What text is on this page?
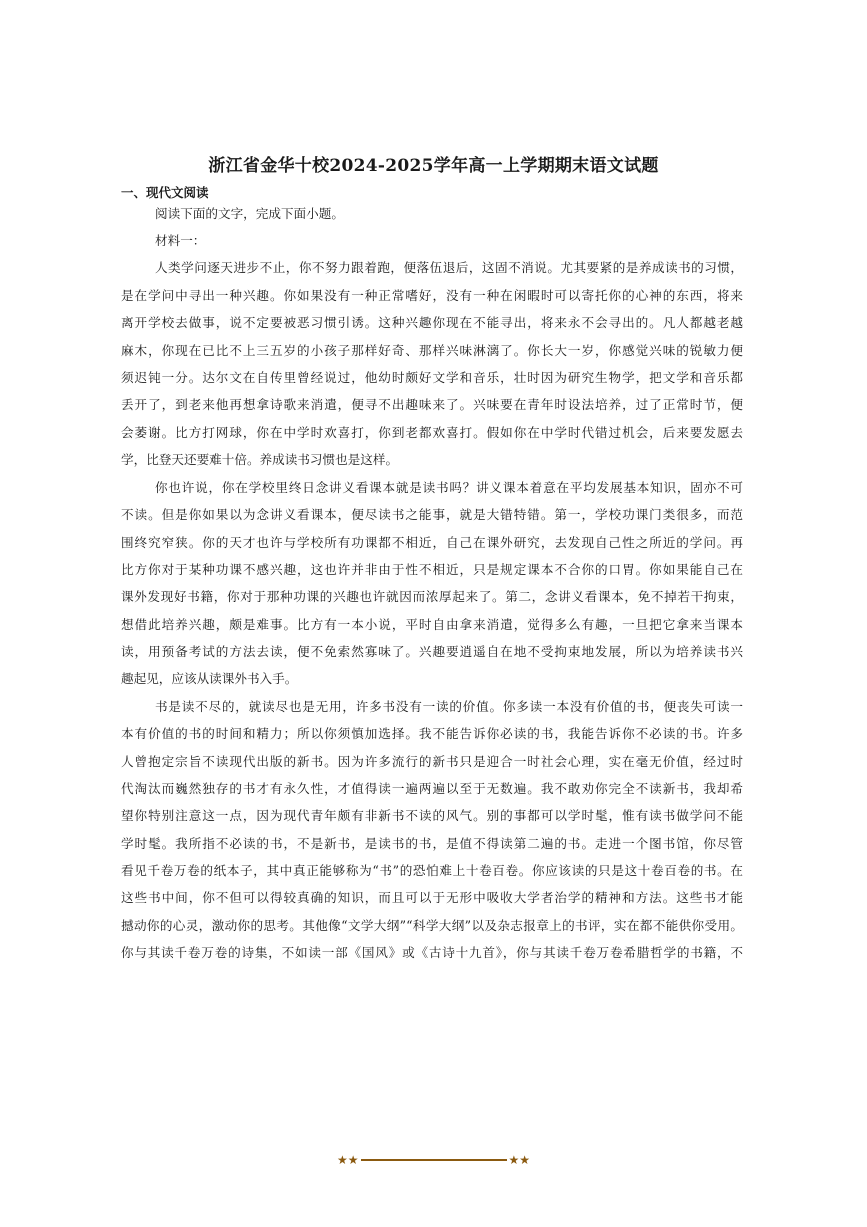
浙江省金华十校2024-2025学年高一上学期期末语文试题
一、现代文阅读
阅读下面的文字，完成下面小题。
材料一：
人类学问逐天进步不止，你不努力跟着跑，便落伍退后，这固不消说。尤其要紧的是养成读书的习惯，
是在学问中寻出一种兴趣。你如果没有一种正常嗜好，没有一种在闲暇时可以寄托你的心神的东西，将来
离开学校去做事，说不定要被恶习惯引诱。这种兴趣你现在不能寻出，将来永不会寻出的。凡人都越老越
麻木，你现在已比不上三五岁的小孩子那样好奇、那样兴味淋漓了。你长大一岁，你感觉兴味的锐敏力便
须迟钝一分。达尔文在自传里曾经说过，他幼时颇好文学和音乐，壮时因为研究生物学，把文学和音乐都
丢开了，到老来他再想拿诗歌来消遣，便寻不出趣味来了。兴味要在青年时设法培养，过了正常时节，便
会萎谢。比方打网球，你在中学时欢喜打，你到老都欢喜打。假如你在中学时代错过机会，后来要发愿去
学，比登天还要难十倍。养成读书习惯也是这样。
你也许说，你在学校里终日念讲义看课本就是读书吗？讲义课本着意在平均发展基本知识，固亦不可
不读。但是你如果以为念讲义看课本，便尽读书之能事，就是大错特错。第一，学校功课门类很多，而范
围终究窄狭。你的天才也许与学校所有功课都不相近，自己在课外研究，去发现自己性之所近的学问。再
比方你对于某种功课不感兴趣，这也许并非由于性不相近，只是规定课本不合你的口胃。你如果能自己在
课外发现好书籍，你对于那种功课的兴趣也许就因而浓厚起来了。第二，念讲义看课本，免不掉若干拘束，
想借此培养兴趣，颇是难事。比方有一本小说，平时自由拿来消遣，觉得多么有趣，一旦把它拿来当课本
读，用预备考试的方法去读，便不免索然寡味了。兴趣要逍遥自在地不受拘束地发展，所以为培养读书兴
趣起见，应该从读课外书入手。
书是读不尽的，就读尽也是无用，许多书没有一读的价值。你多读一本没有价值的书，便丧失可读一
本有价值的书的时间和精力；所以你须慎加选择。我不能告诉你必读的书，我能告诉你不必读的书。许多
人曾抱定宗旨不读现代出版的新书。因为许多流行的新书只是迎合一时社会心理，实在毫无价值，经过时
代淘汰而巍然独存的书才有永久性，才值得读一遍两遍以至于无数遍。我不敢劝你完全不读新书，我却希
望你特别注意这一点，因为现代青年颇有非新书不读的风气。别的事都可以学时髦，惟有读书做学问不能
学时髦。我所指不必读的书，不是新书，是读书的书，是值不得读第二遍的书。走进一个图书馆，你尽管
看见千卷万卷的纸本子，其中真正能够称为“书”的恐怕难上十卷百卷。你应该读的只是这十卷百卷的书。在
这些书中间，你不但可以得较真确的知识，而且可以于无形中吸收大学者治学的精神和方法。这些书才能
撼动你的心灵，激动你的思考。其他像“文学大纲”“科学大纲”以及杂志报章上的书评，实在都不能供你受用。
你与其读千卷万卷的诗集，不如读一部《国风》或《古诗十九首》，你与其读千卷万卷希腊哲学的书籍，不
★★	★★
